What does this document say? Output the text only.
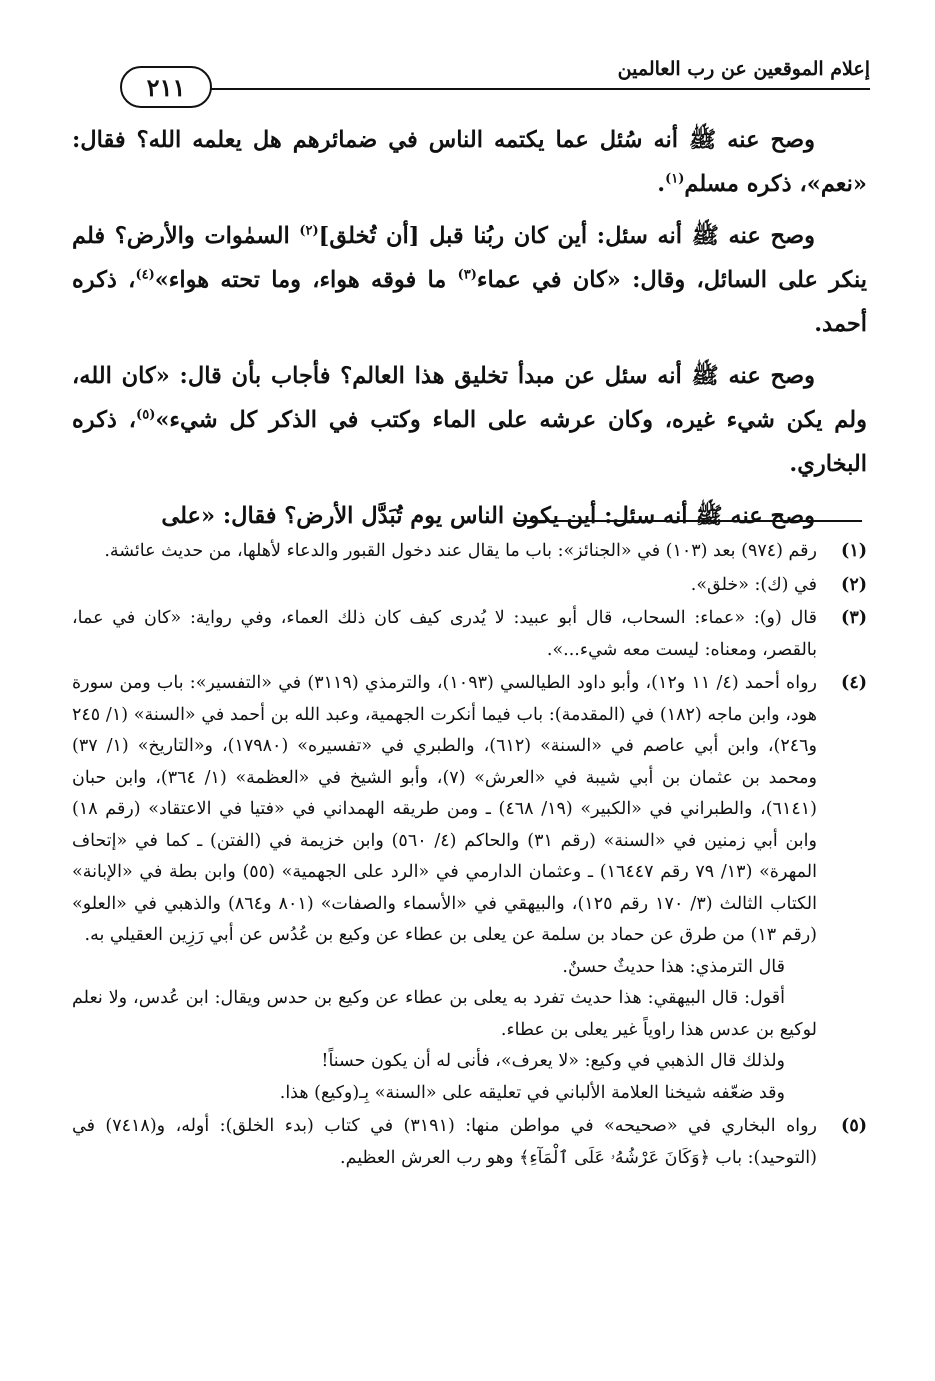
إعلام الموقعين عن رب العالمين
٢١١

وصح عنه ﷺ أنه سُئل عما يكتمه الناس في ضمائرهم هل يعلمه الله؟ فقال: «نعم»، ذكره مسلم$^{(١)}$.

وصح عنه ﷺ أنه سئل: أين كان ربُنا قبل [أن تُخلق]$^{(٢)}$ السمٰوات والأرض؟ فلم ينكر على السائل، وقال: «كان في عماء$^{(٣)}$ ما فوقه هواء، وما تحته هواء»$^{(٤)}$، ذكره أحمد.

وصح عنه ﷺ أنه سئل عن مبدأ تخليق هذا العالم؟ فأجاب بأن قال: «كان الله، ولم يكن شيء غيره، وكان عرشه على الماء وكتب في الذكر كل شيء»$^{(٥)}$، ذكره البخاري.

وصح عنه ﷺ أنه سئل: أين يكون الناس يوم تُبَدَّل الأرض؟ فقال: «على

(١)
رقم (٩٧٤) بعد (١٠٣) في «الجنائز»: باب ما يقال عند دخول القبور والدعاء لأهلها، من حديث عائشة.
(٢)
في (ك): «خلق».
(٣)
قال (و): «عماء: السحاب، قال أبو عبيد: لا يُدرى كيف كان ذلك العماء، وفي رواية: «كان في عما، بالقصر، ومعناه: ليست معه شيء...».
(٤)
رواه أحمد (٤/ ١١ و١٢)، وأبو داود الطيالسي (١٠٩٣)، والترمذي (٣١١٩) في «التفسير»: باب ومن سورة هود، وابن ماجه (١٨٢) في (المقدمة): باب فيما أنكرت الجهمية، وعبد الله بن أحمد في «السنة» (١/ ٢٤٥ و٢٤٦)، وابن أبي عاصم في «السنة» (٦١٢)، والطبري في «تفسيره» (١٧٩٨٠)، و«التاريخ» (١/ ٣٧) ومحمد بن عثمان بن أبي شيبة في «العرش» (٧)، وأبو الشيخ في «العظمة» (١/ ٣٦٤)، وابن حبان (٦١٤١)، والطبراني في «الكبير» (١٩/ ٤٦٨) ـ ومن طريقه الهمداني في «فتيا في الاعتقاد» (رقم ١٨) وابن أبي زمنين في «السنة» (رقم ٣١) والحاكم (٤/ ٥٦٠) وابن خزيمة في (الفتن) ـ كما في «إتحاف المهرة» (١٣/ ٧٩ رقم ١٦٤٤٧) ـ وعثمان الدارمي في «الرد على الجهمية» (٥٥) وابن بطة في «الإبانة» الكتاب الثالث (٣/ ١٧٠ رقم ١٢٥)، والبيهقي في «الأسماء والصفات» (٨٠١ و٨٦٤) والذهبي في «العلو» (رقم ١٣) من طرق عن حماد بن سلمة عن يعلى بن عطاء عن وكيع بن عُدُس عن أبي رَزِين العقيلي به.
قال الترمذي: هذا حديثٌ حسنٌ.
أقول: قال البيهقي: هذا حديث تفرد به يعلى بن عطاء عن وكيع بن حدس ويقال: ابن عُدس، ولا نعلم لوكيع بن عدس هذا راوياً غير يعلى بن عطاء.
ولذلك قال الذهبي في وكيع: «لا يعرف»، فأنى له أن يكون حسناً!
وقد ضعّفه شيخنا العلامة الألباني في تعليقه على «السنة» بِـ(وكيع) هذا.
(٥)
رواه البخاري في «صحيحه» في مواطن منها: (٣١٩١) في كتاب (بدء الخلق): أوله، و(٧٤١٨) في (التوحيد): باب ﴿وَكَانَ عَرْشُهُۥ عَلَى ٱلْمَآءِ﴾ وهو رب العرش العظيم.
